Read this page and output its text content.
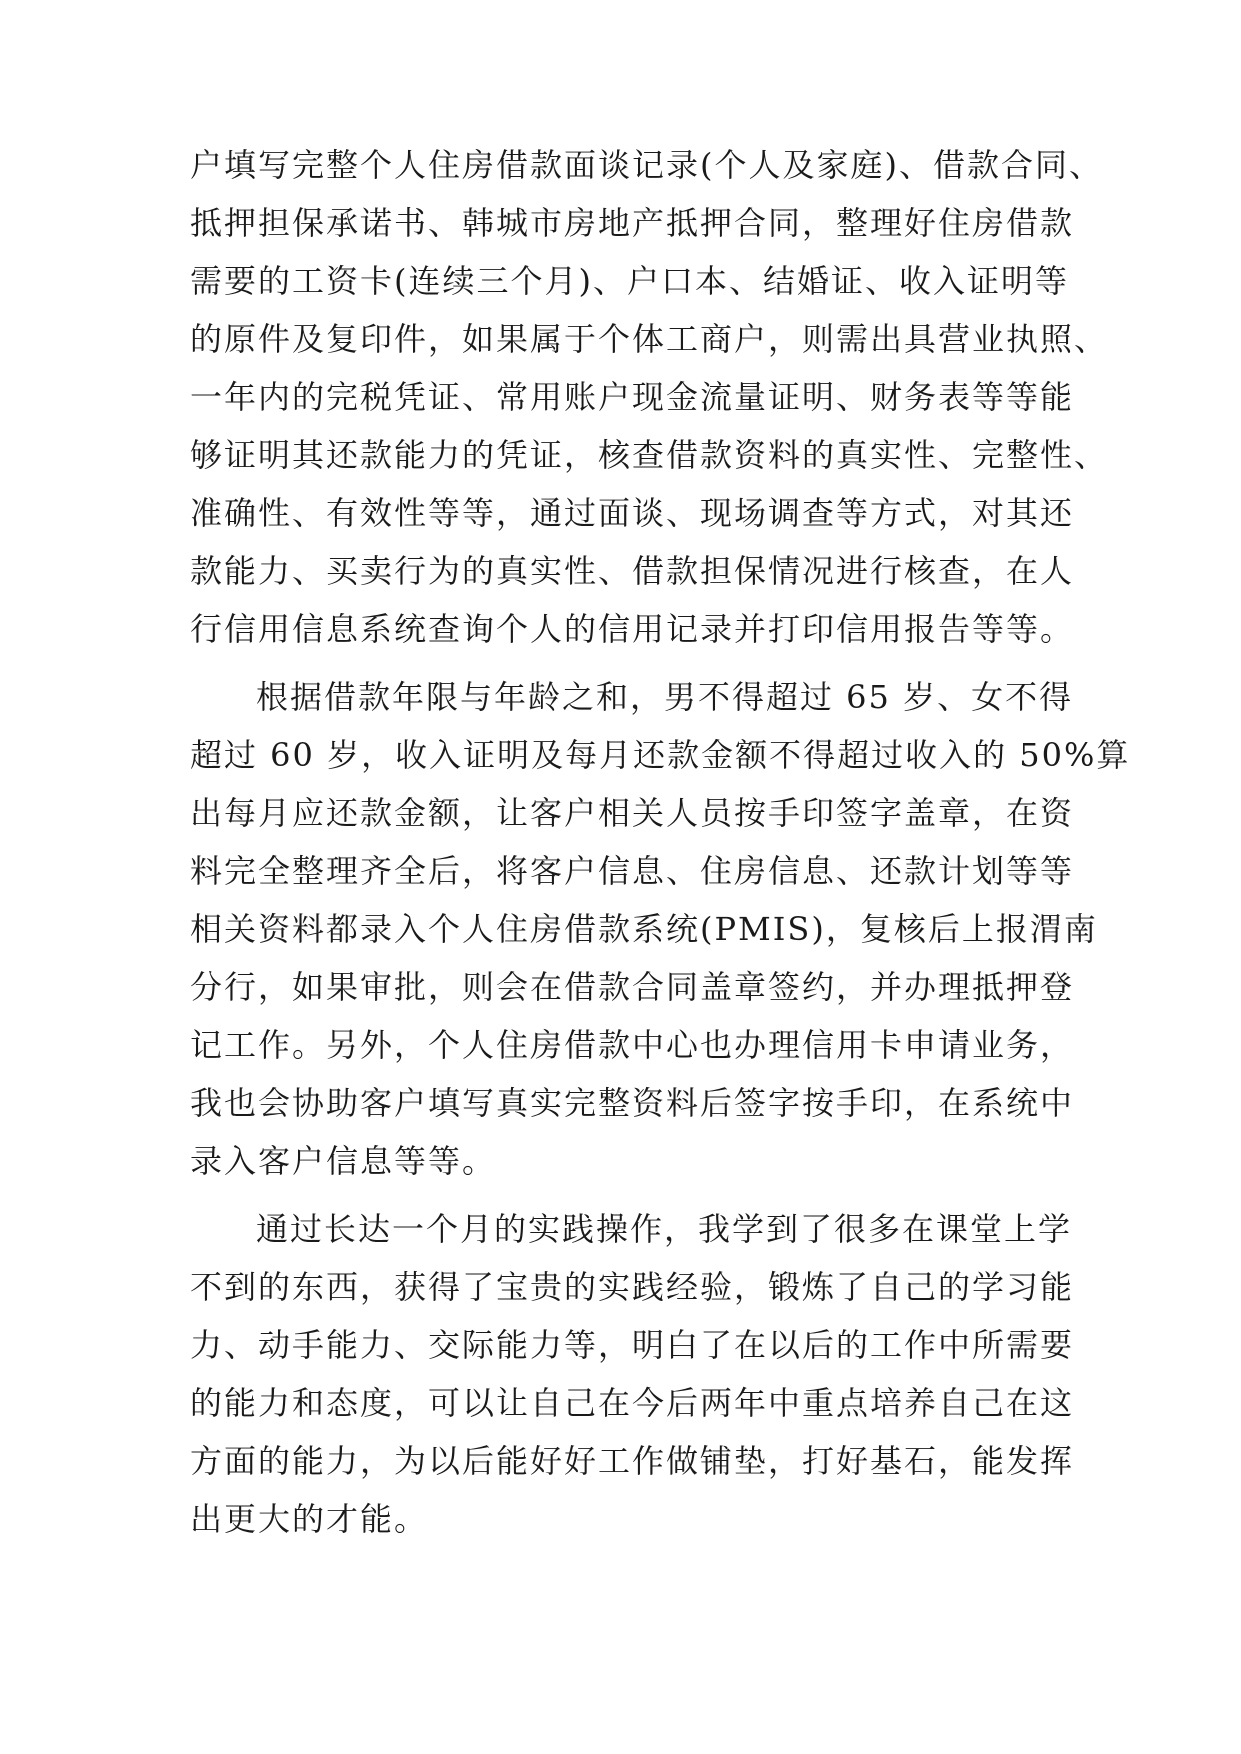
户填写完整个人住房借款面谈记录(个人及家庭)、借款合同、

抵押担保承诺书、韩城市房地产抵押合同，整理好住房借款

需要的工资卡(连续三个月)、户口本、结婚证、收入证明等

的原件及复印件，如果属于个体工商户，则需出具营业执照、

一年内的完税凭证、常用账户现金流量证明、财务表等等能

够证明其还款能力的凭证，核查借款资料的真实性、完整性、

准确性、有效性等等，通过面谈、现场调查等方式，对其还

款能力、买卖行为的真实性、借款担保情况进行核查，在人

行信用信息系统查询个人的信用记录并打印信用报告等等。

根据借款年限与年龄之和，男不得超过 65 岁、女不得

超过 60 岁，收入证明及每月还款金额不得超过收入的 50%算

出每月应还款金额，让客户相关人员按手印签字盖章，在资

料完全整理齐全后，将客户信息、住房信息、还款计划等等

相关资料都录入个人住房借款系统(PMIS)，复核后上报渭南

分行，如果审批，则会在借款合同盖章签约，并办理抵押登

记工作。另外，个人住房借款中心也办理信用卡申请业务，

我也会协助客户填写真实完整资料后签字按手印，在系统中

录入客户信息等等。

通过长达一个月的实践操作，我学到了很多在课堂上学

不到的东西，获得了宝贵的实践经验，锻炼了自己的学习能

力、动手能力、交际能力等，明白了在以后的工作中所需要

的能力和态度，可以让自己在今后两年中重点培养自己在这

方面的能力，为以后能好好工作做铺垫，打好基石，能发挥

出更大的才能。
